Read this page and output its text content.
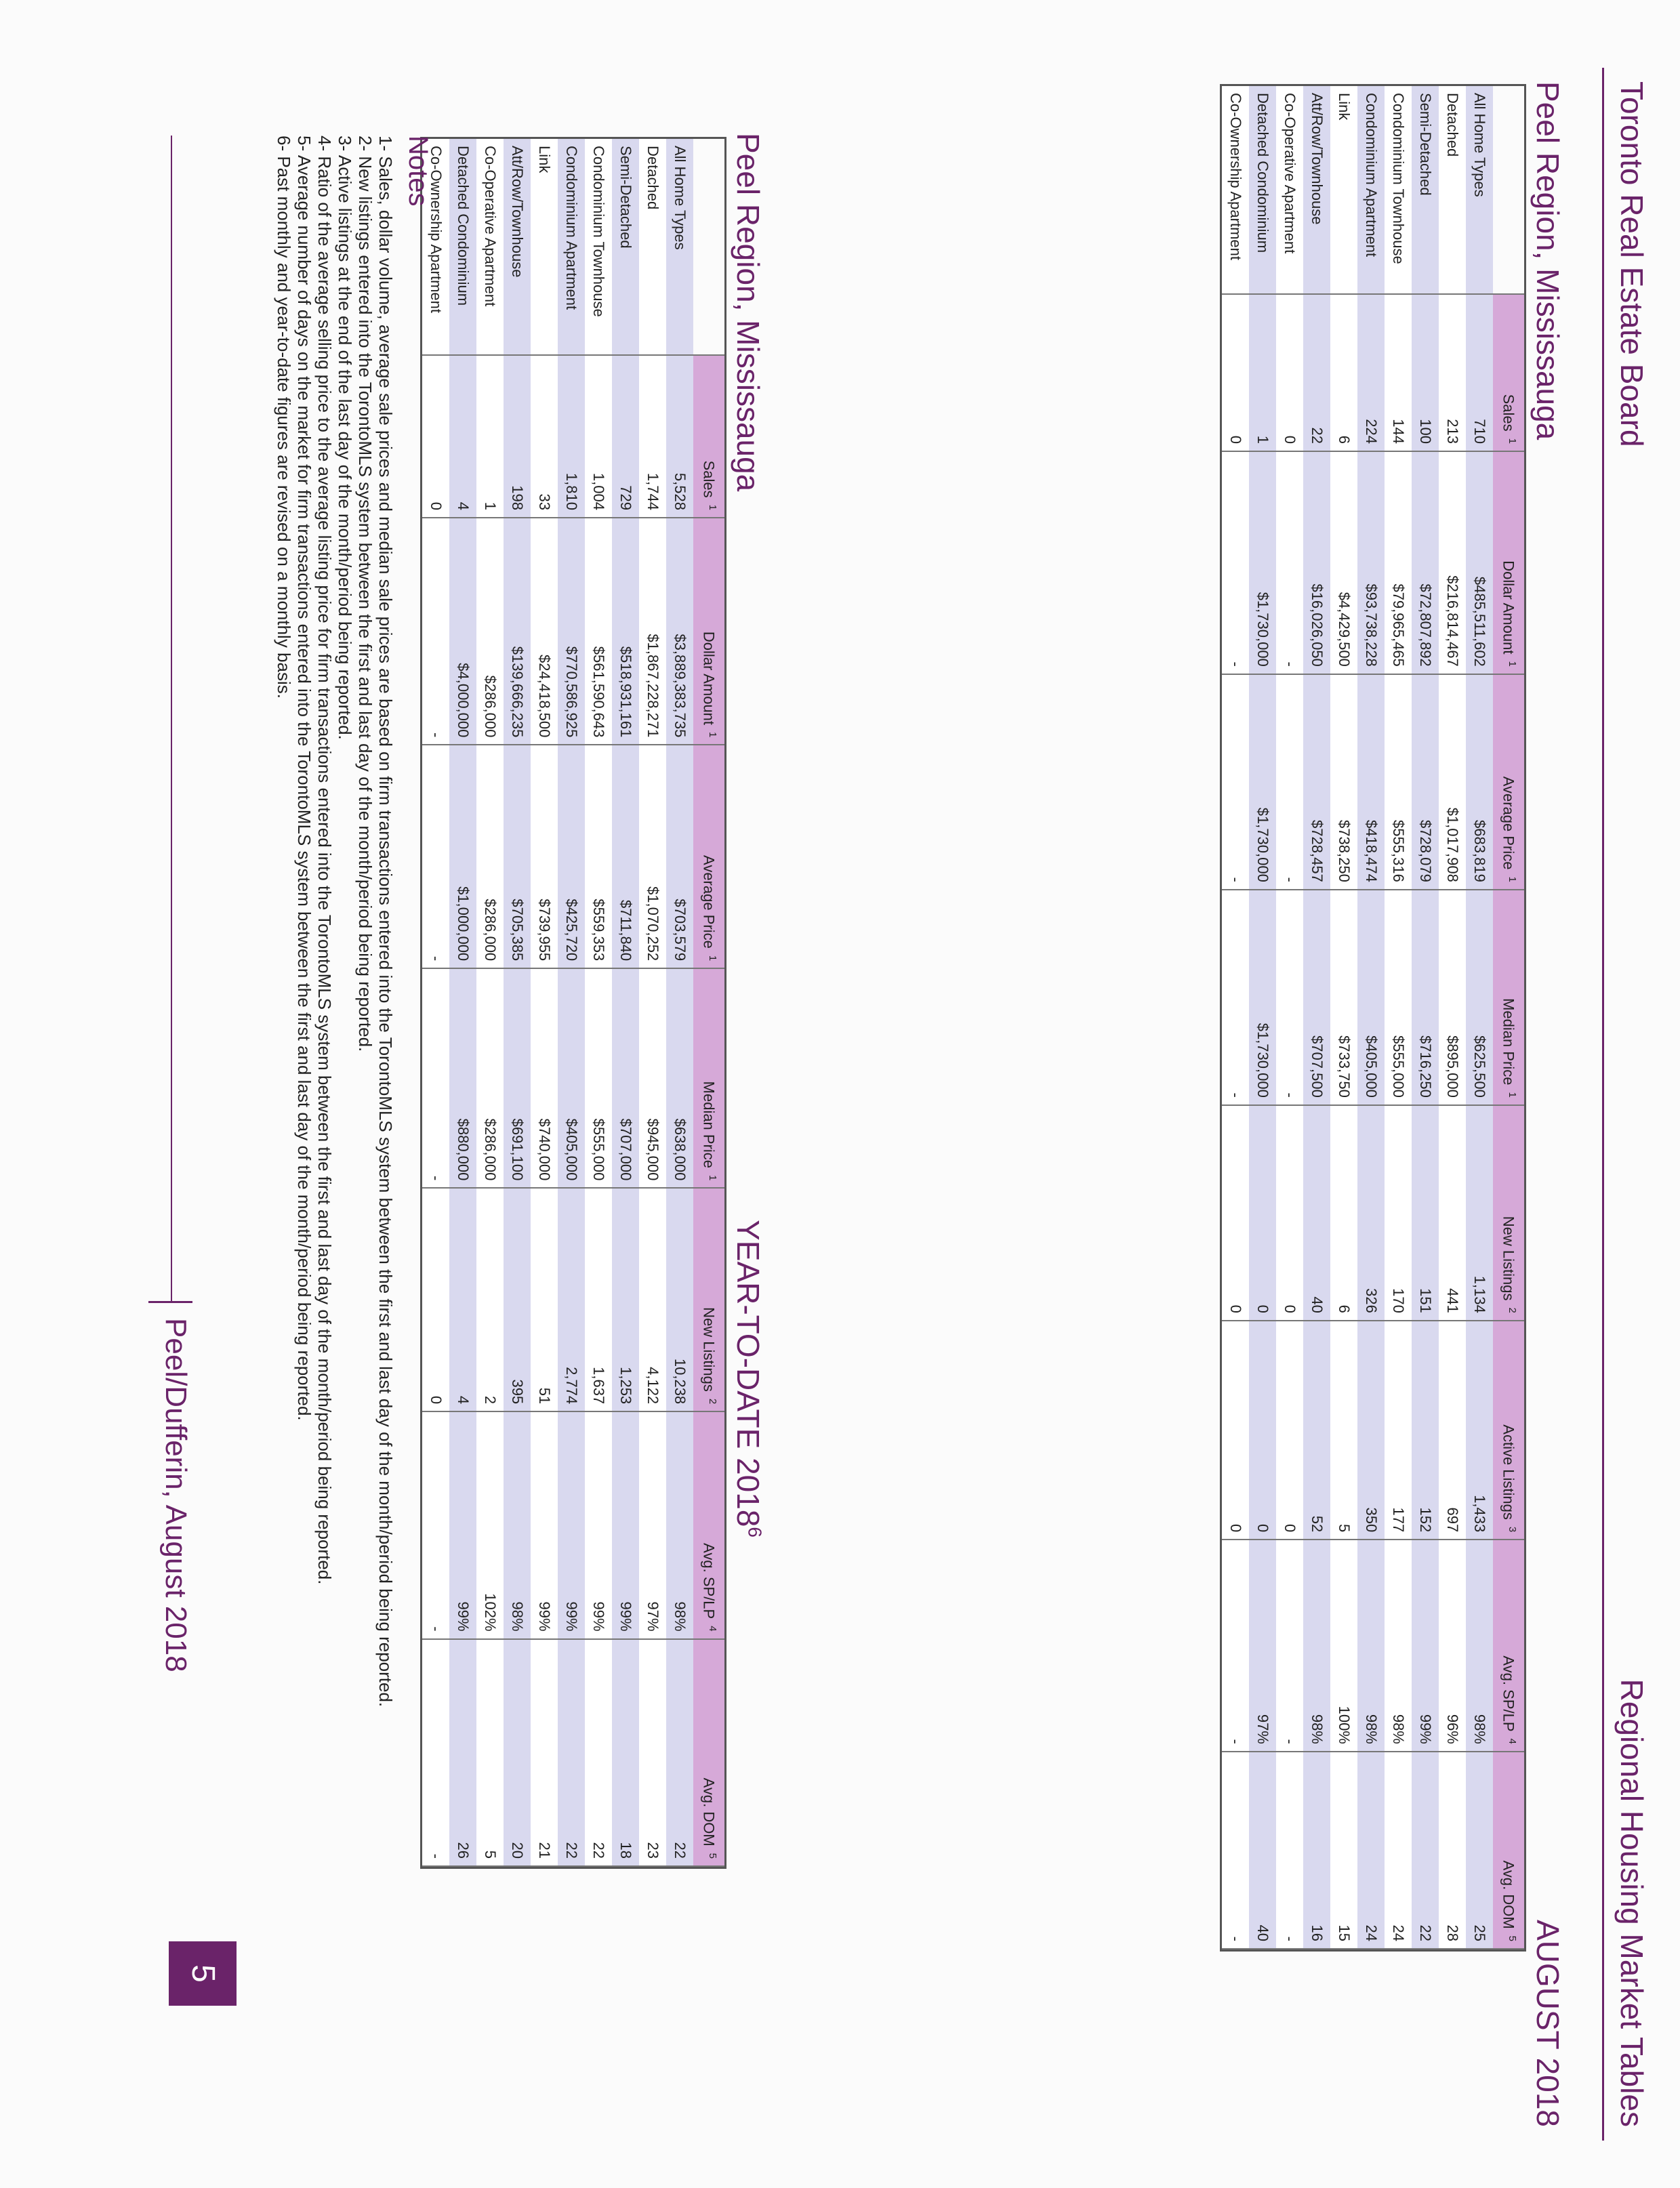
Toronto Real Estate Board
Regional Housing Market Tables
Peel Region, Mississauga
AUGUST 2018
	Sales$^1$	Dollar Amount$^1$	Average Price$^1$	Median Price$^1$	New Listings$^2$	Active Listings$^3$	Avg. $SP/LP^4$	Avg. DOM$^5$
All Home Types	710	$485,511,602	$683,819	$625,500	1,134	1,433	98%	25
Detached	213	$216,814,467	$1,017,908	$895,000	441	697	96%	28
Semi-Detached	100	$72,807,892	$728,079	$716,250	151	152	99%	22
Condominium Townhouse	144	$79,965,465	$555,316	$555,000	170	177	98%	24
Condominium Apartment	224	$93,738,228	$418,474	$405,000	326	350	98%	24
Link	6	$4,429,500	$738,250	$733,750	6	5	100%	15
Att/Row/Townhouse	22	$16,026,050	$728,457	$707,500	40	52	98%	16
Co-Operative Apartment	0	-	-	-	0	0	-	-
Detached Condominium	1	$1,730,000	$1,730,000	$1,730,000	0	0	97%	40
Co-Ownership Apartment	0	-	-	-	0	0	-	-
Peel Region, Mississauga
YEAR-TO-DATE 2018$^6$
	Sales$^1$	Dollar Amount$^1$	Average Price$^1$	Median Price$^1$	New Listings$^2$	Avg. $SP/LP^4$	Avg. DOM$^5$
All Home Types	5,528	$3,889,383,735	$703,579	$638,000	10,238	98%	22
Detached	1,744	$1,867,228,271	$1,070,252	$945,000	4,122	97%	23
Semi-Detached	729	$518,931,161	$711,840	$707,000	1,253	99%	18
Condominium Townhouse	1,004	$561,590,643	$559,353	$555,000	1,637	99%	22
Condominium Apartment	1,810	$770,586,925	$425,720	$405,000	2,774	99%	22
Link	33	$24,418,500	$739,955	$740,000	51	99%	21
Att/Row/Townhouse	198	$139,666,235	$705,385	$691,100	395	98%	20
Co-Operative Apartment	1	$286,000	$286,000	$286,000	2	102%	5
Detached Condominium	4	$4,000,000	$1,000,000	$880,000	4	99%	26
Co-Ownership Apartment	0	-	-	-	0	-	-
Notes
1- Sales, dollar volume, average sale prices and median sale prices are based on firm transactions entered into the TorontoMLS system between the first and last day of the month/period being reported.
2- New listings entered into the TorontoMLS system between the first and last day of the month/period being reported.
3- Active listings at the end of the last day of the month/period being reported.
4- Ratio of the average selling price to the average listing price for firm transactions entered into the TorontoMLS system between the first and last day of the month/period being reported.
5- Average number of days on the market for firm transactions entered into the TorontoMLS system between the first and last day of the month/period being reported.
6- Past monthly and year-to-date figures are revised on a monthly basis.
Peel/Dufferin, August 2018
5
